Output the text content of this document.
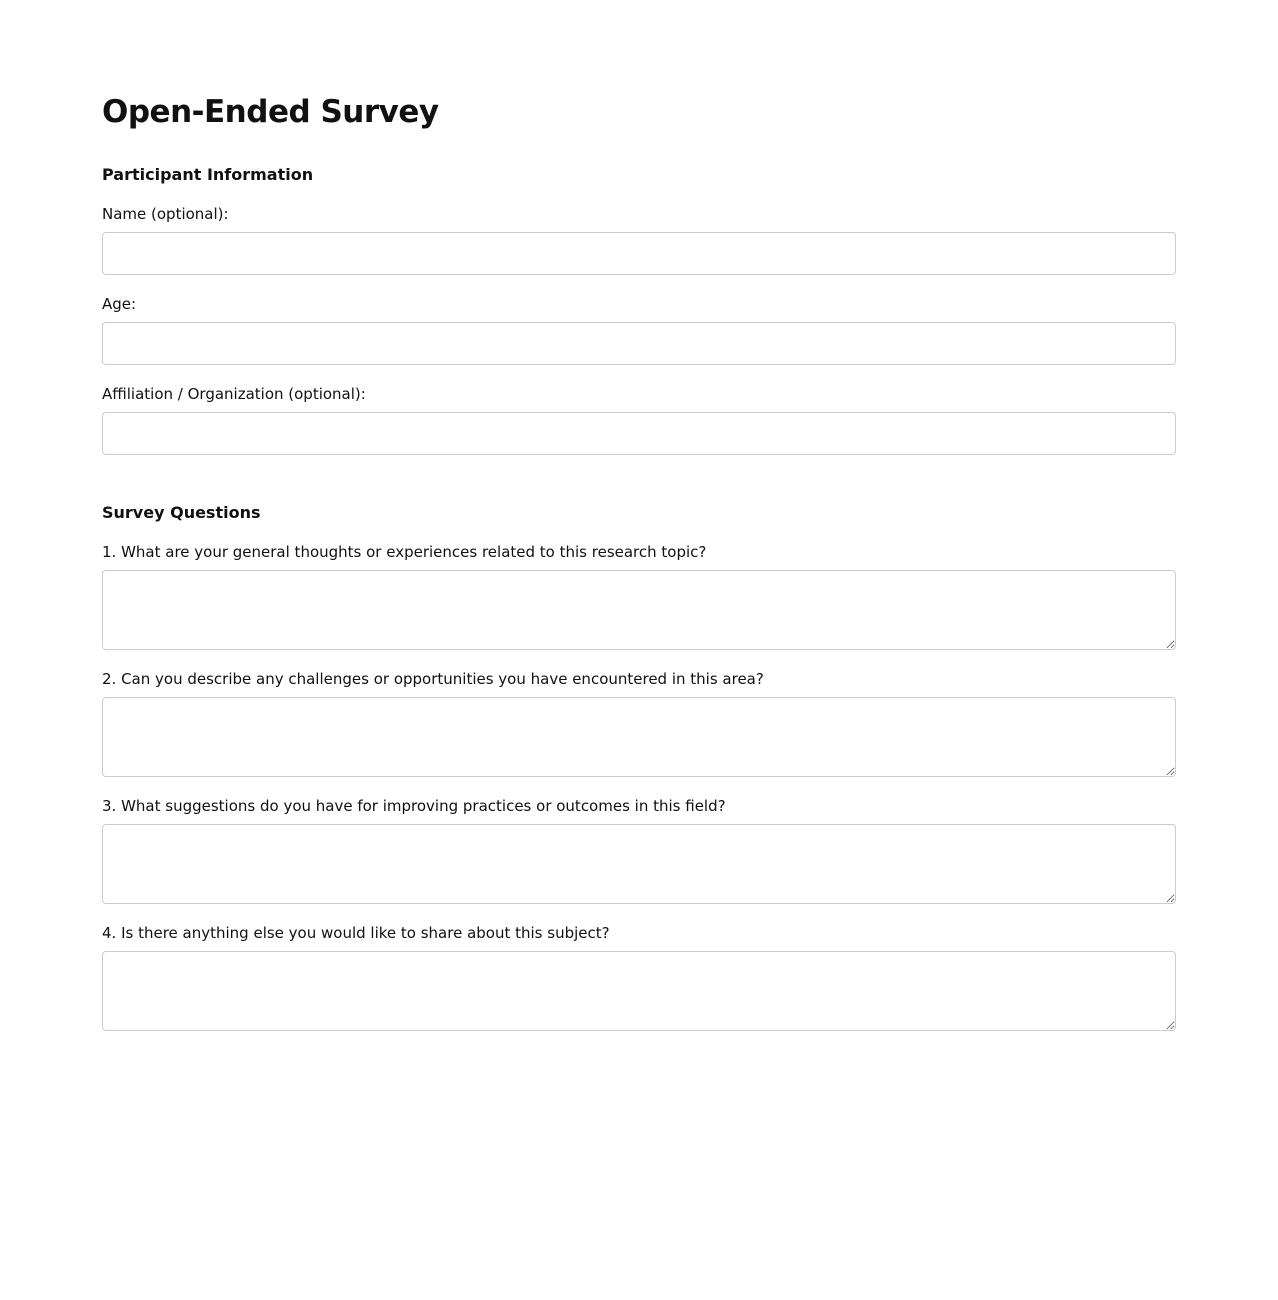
Open-Ended Survey
Participant Information
Name (optional):
Age:
Affiliation / Organization (optional):
Survey Questions
1. What are your general thoughts or experiences related to this research topic?
2. Can you describe any challenges or opportunities you have encountered in this area?
3. What suggestions do you have for improving practices or outcomes in this field?
4. Is there anything else you would like to share about this subject?
